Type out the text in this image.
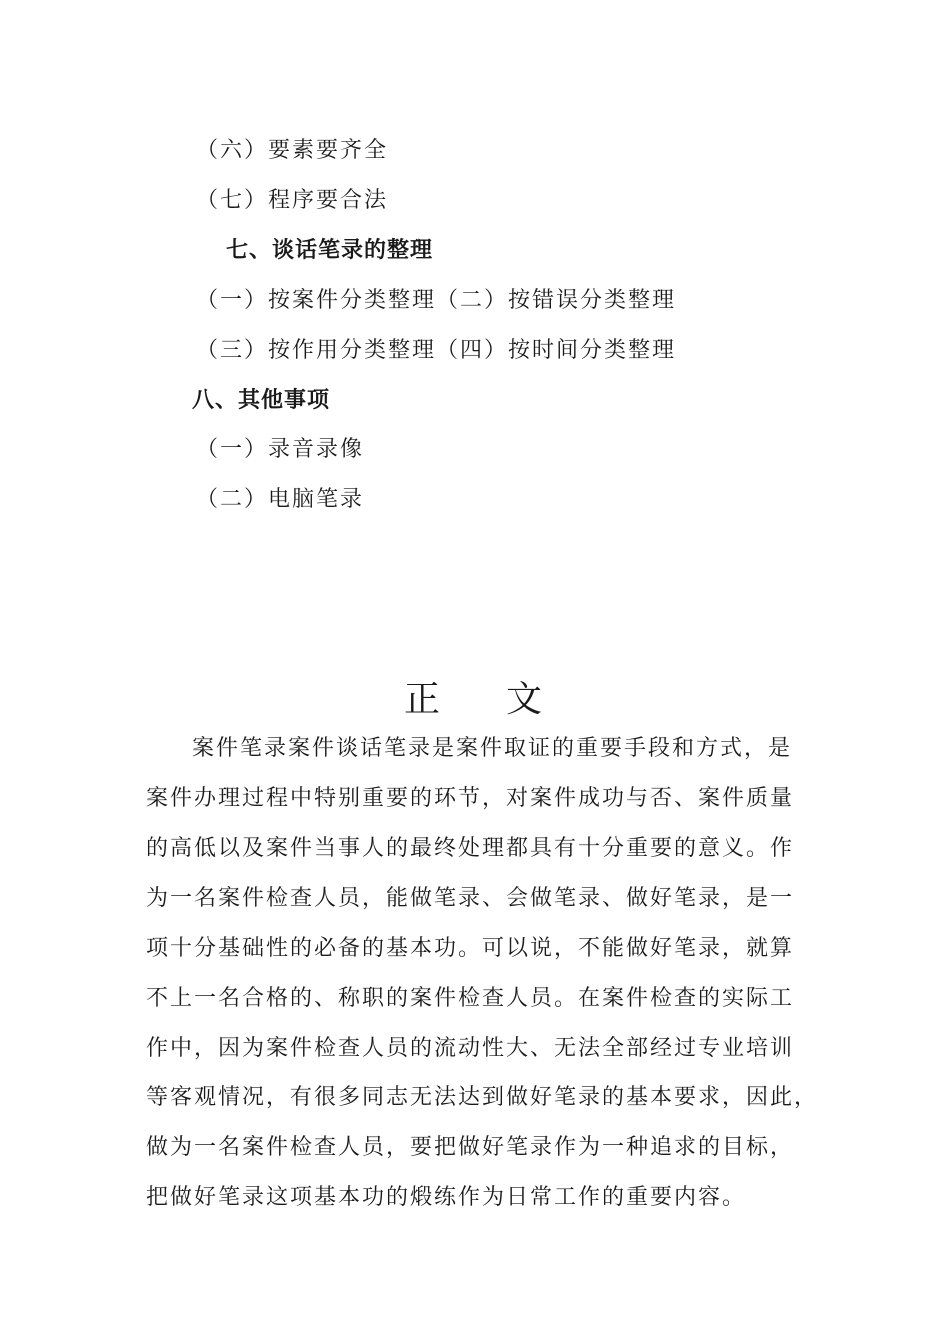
（六）要素要齐全
（七）程序要合法
七、谈话笔录的整理
（一）按案件分类整理（二）按错误分类整理
（三）按作用分类整理（四）按时间分类整理
八、其他事项
（一）录音录像
（二）电脑笔录
正 文
案件笔录案件谈话笔录是案件取证的重要手段和方式，是
案件办理过程中特别重要的环节，对案件成功与否、案件质量
的高低以及案件当事人的最终处理都具有十分重要的意义。作
为一名案件检查人员，能做笔录、会做笔录、做好笔录，是一
项十分基础性的必备的基本功。可以说，不能做好笔录，就算
不上一名合格的、称职的案件检查人员。在案件检查的实际工
作中，因为案件检查人员的流动性大、无法全部经过专业培训
等客观情况，有很多同志无法达到做好笔录的基本要求，因此，
做为一名案件检查人员，要把做好笔录作为一种追求的目标，
把做好笔录这项基本功的煅练作为日常工作的重要内容。
